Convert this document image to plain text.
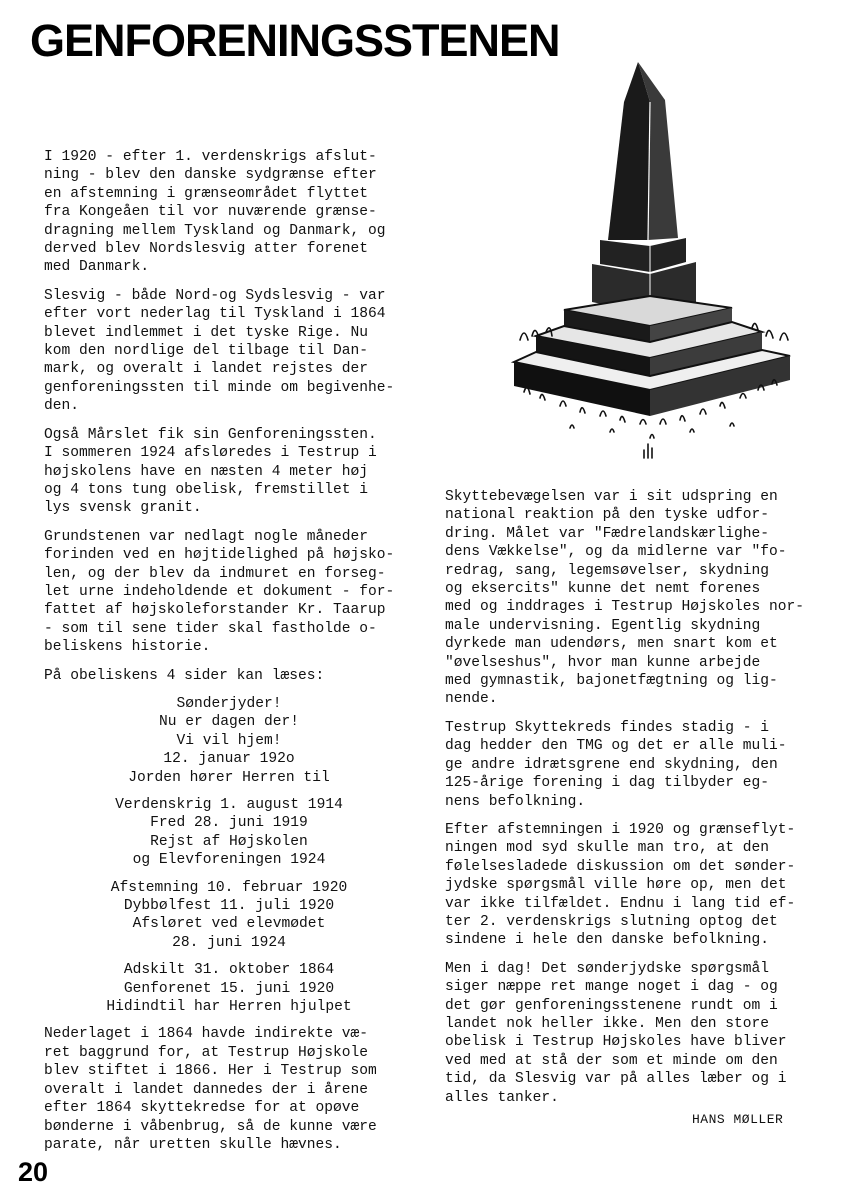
GENFORENINGSSTENEN

I 1920 - efter 1. verdenskrigs afslut-
ning - blev den danske sydgrænse efter
en afstemning i grænseområdet flyttet
fra Kongeåen til vor nuværende grænse-
dragning mellem Tyskland og Danmark, og
derved blev Nordslesvig atter forenet
med Danmark.

Slesvig - både Nord-og Sydslesvig - var
efter vort nederlag til Tyskland i 1864
blevet indlemmet i det tyske Rige. Nu
kom den nordlige del tilbage til Dan-
mark, og overalt i landet rejstes der
genforeningssten til minde om begivenhe-
den.

Også Mårslet fik sin Genforeningssten.
I sommeren 1924 afsløredes i Testrup i
højskolens have en næsten 4 meter høj
og 4 tons tung obelisk, fremstillet i
lys svensk granit.

Grundstenen var nedlagt nogle måneder
forinden ved en højtidelighed på højsko-
len, og der blev da indmuret en forseg-
let urne indeholdende et dokument - for-
fattet af højskoleforstander Kr. Taarup
- som til sene tider skal fastholde o-
beliskens historie.

På obeliskens 4 sider kan læses:

Sønderjyder!
Nu er dagen der!
Vi vil hjem!
12. januar 192o
Jorden hører Herren til
Verdenskrig 1. august 1914
Fred 28. juni 1919
Rejst af Højskolen
og Elevforeningen 1924
Afstemning 10. februar 1920
Dybbølfest 11. juli 1920
Afsløret ved elevmødet
28. juni 1924
Adskilt 31. oktober 1864
Genforenet 15. juni 1920
Hidindtil har Herren hjulpet

Nederlaget i 1864 havde indirekte væ-
ret baggrund for, at Testrup Højskole
blev stiftet i 1866. Her i Testrup som
overalt i landet dannedes der i årene
efter 1864 skyttekredse for at opøve
bønderne i våbenbrug, så de kunne være
parate, når uretten skulle hævnes.

Skyttebevægelsen var i sit udspring en
national reaktion på den tyske udfor-
dring. Målet var "Fædrelandskærlighe-
dens Vækkelse", og da midlerne var "fo-
redrag, sang, legemsøvelser, skydning
og eksercits" kunne det nemt forenes
med og inddrages i Testrup Højskoles nor-
male undervisning. Egentlig skydning
dyrkede man udendørs, men snart kom et
"øvelseshus", hvor man kunne arbejde
med gymnastik, bajonetfægtning og lig-
nende.

Testrup Skyttekreds findes stadig - i
dag hedder den TMG og det er alle muli-
ge andre idrætsgrene end skydning, den
125-årige forening i dag tilbyder eg-
nens befolkning.

Efter afstemningen i 1920 og grænseflyt-
ningen mod syd skulle man tro, at den
følelsesladede diskussion om det sønder-
jydske spørgsmål ville høre op, men det
var ikke tilfældet. Endnu i lang tid ef-
ter 2. verdenskrigs slutning optog det
sindene i hele den danske befolkning.

Men i dag! Det sønderjydske spørgsmål
siger næppe ret mange noget i dag - og
det gør genforeningsstenene rundt om i
landet nok heller ikke. Men den store
obelisk i Testrup Højskoles have bliver
ved med at stå der som et minde om den
tid, da Slesvig var på alles læber og i
alles tanker.

HANS MØLLER
20
